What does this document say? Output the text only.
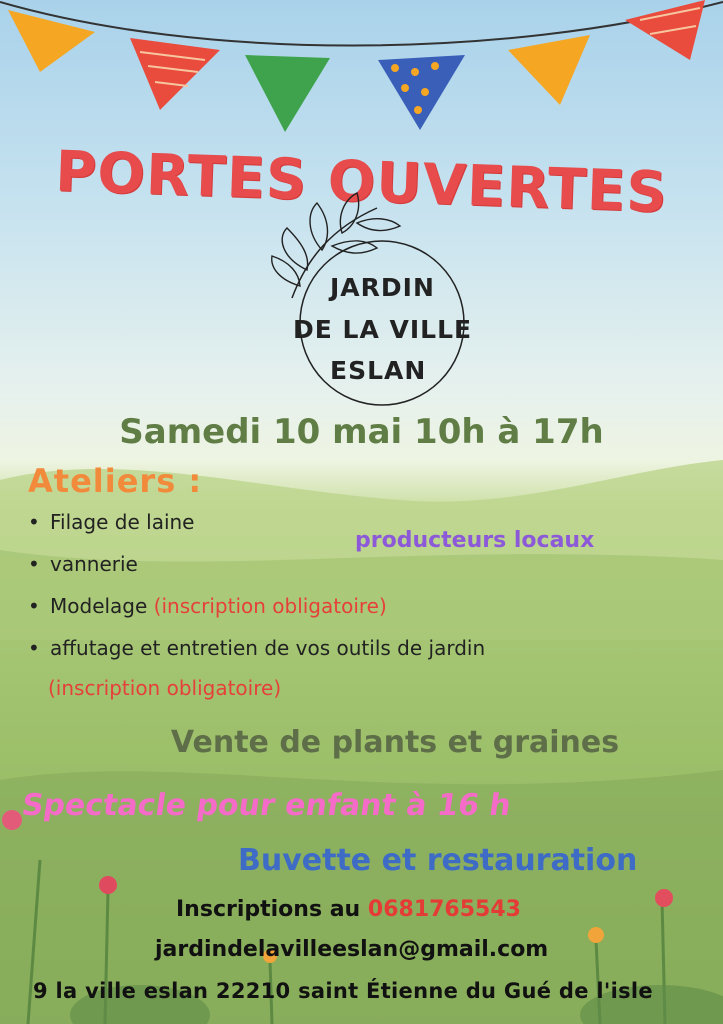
PORTES OUVERTES
JARDIN
DE LA VILLE
ESLAN
Samedi 10 mai 10h à 17h
Ateliers :
• Filage de laine
• vannerie
• Modelage (inscription obligatoire)
• affutage et entretien de vos outils de jardin
(inscription obligatoire)
producteurs locaux
Vente de plants et graines
Spectacle pour enfant à 16 h
Buvette et restauration
Inscriptions au 0681765543
jardindelavilleeslan@gmail.com
9 la ville eslan 22210 saint Étienne du Gué de l'isle
